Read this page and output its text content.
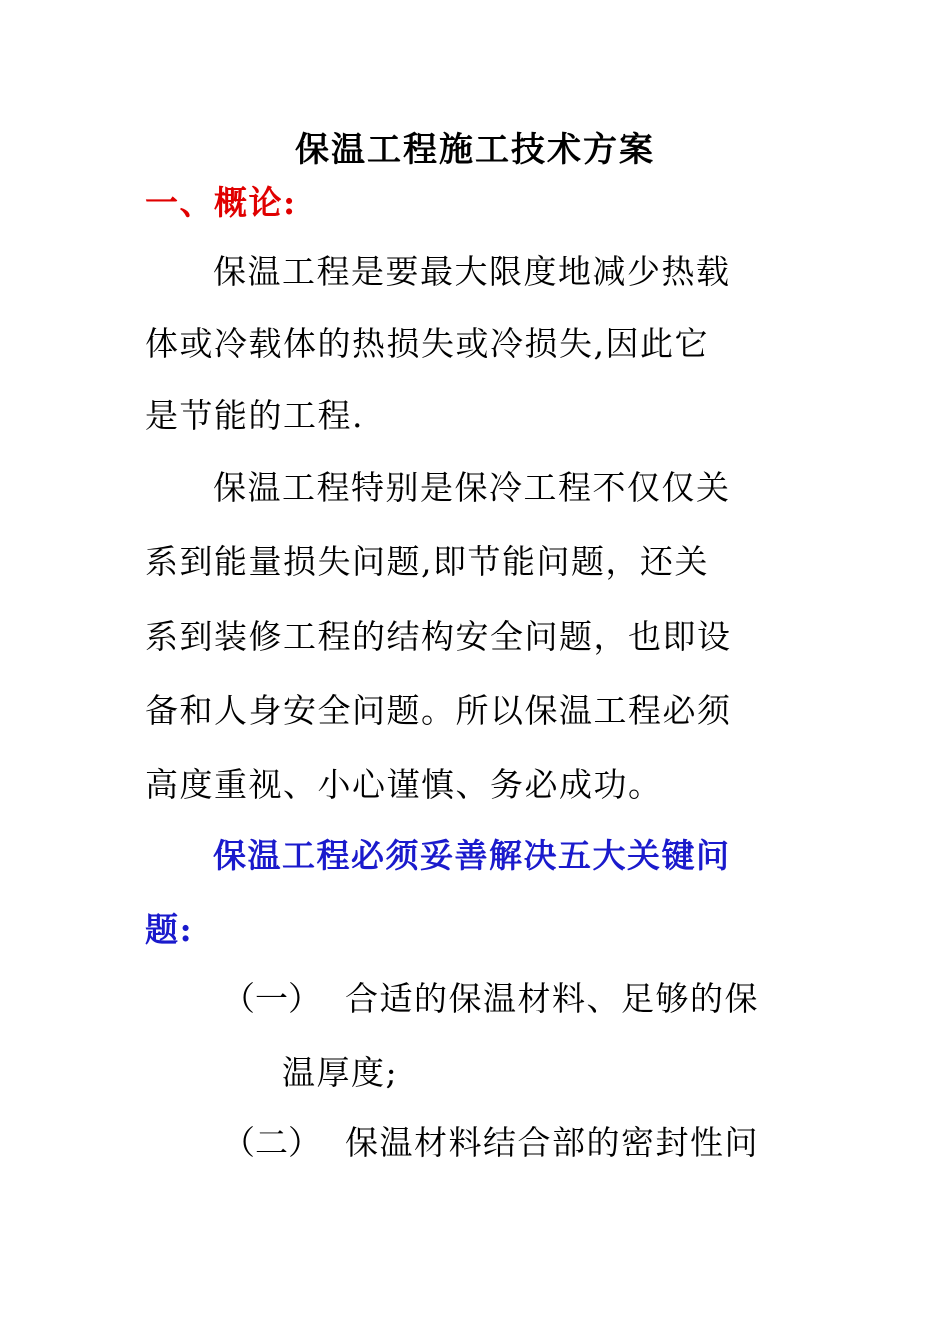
保温工程施工技术方案
一、概论:
保温工程是要最大限度地减少热载
体或冷载体的热损失或冷损失,因此它
是节能的工程.
保温工程特别是保冷工程不仅仅关
系到能量损失问题,即节能问题，还关
系到装修工程的结构安全问题，也即设
备和人身安全问题。所以保温工程必须
高度重视、小心谨慎、务必成功。
保温工程必须妥善解决五大关键问
题:
（一） 合适的保温材料、足够的保
温厚度;
（二） 保温材料结合部的密封性问
